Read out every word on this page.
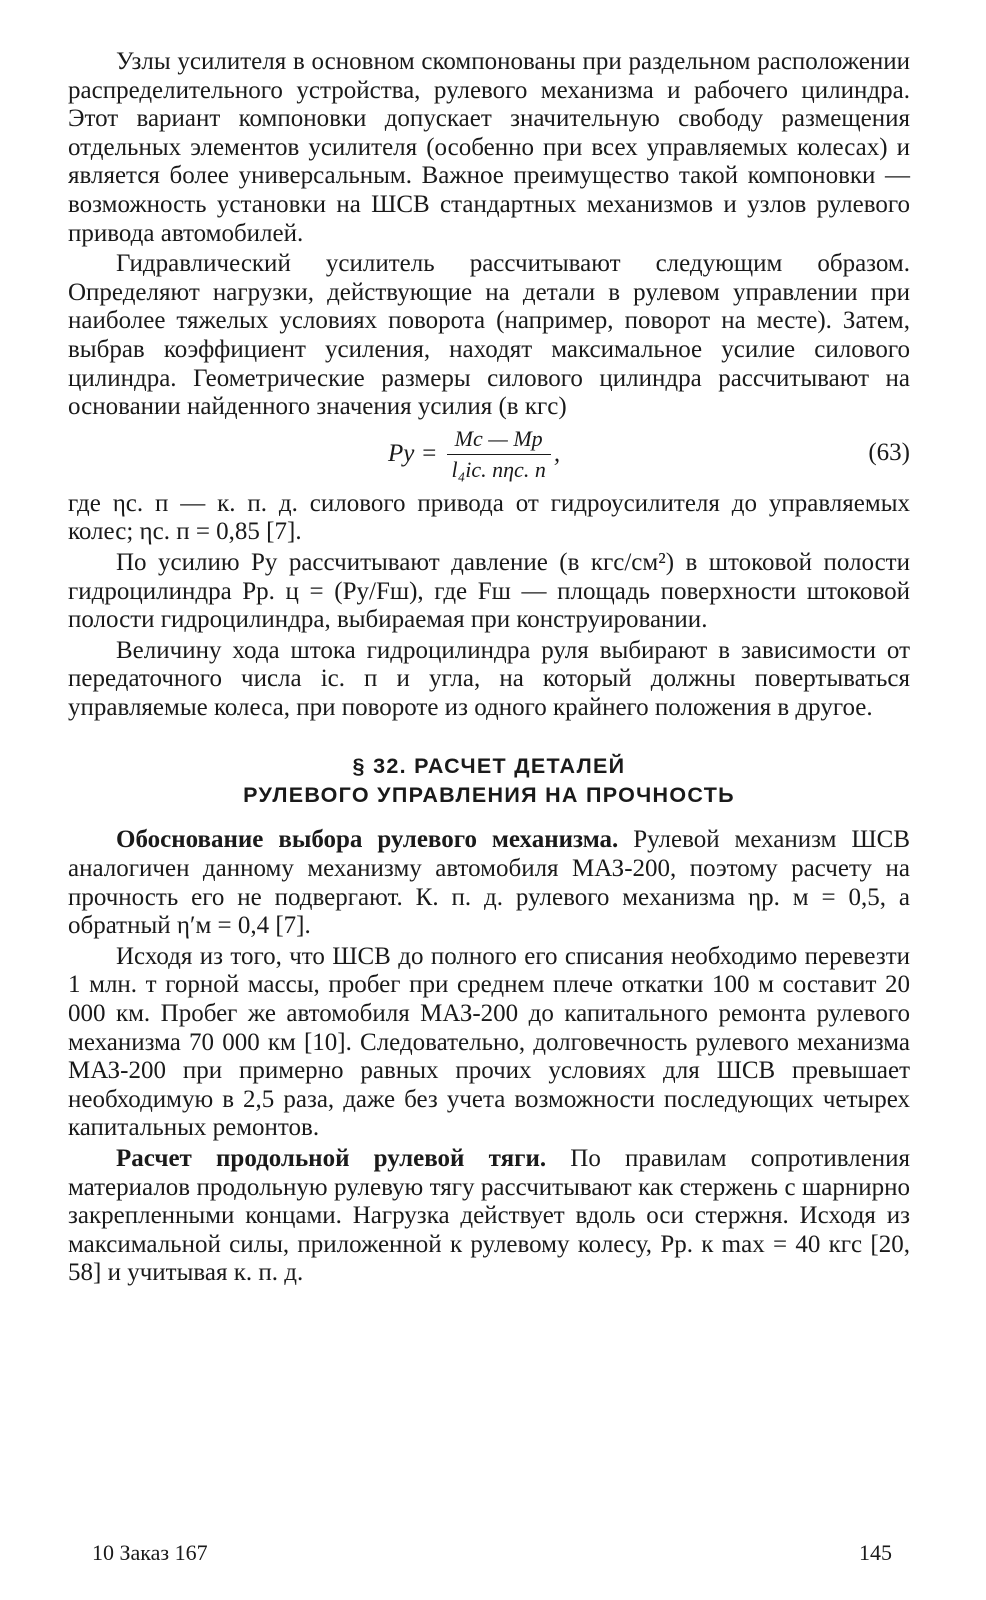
Узлы усилителя в основном скомпонованы при раздельном расположении распределительного устройства, рулевого механизма и рабочего цилиндра. Этот вариант компоновки допускает значительную свободу размещения отдельных элементов усилителя (особенно при всех управляемых колесах) и является более универсальным. Важное преимущество такой компоновки — возможность установки на ШСВ стандартных механизмов и узлов рулевого привода автомобилей.

Гидравлический усилитель рассчитывают следующим образом. Определяют нагрузки, действующие на детали в рулевом управлении при наиболее тяжелых условиях поворота (например, поворот на месте). Затем, выбрав коэффициент усиления, находят максимальное усилие силового цилиндра. Геометрические размеры силового цилиндра рассчитывают на основании найденного значения усилия (в кгс)

Pу = $\frac{Mс — Mр}{\text{l₄iс. пηс. п}}$ ,	(63)

где ηс. п — к. п. д. силового привода от гидроусилителя до управляемых колес; ηс. п = 0,85 [7].

По усилию Pу рассчитывают давление (в кгс/см²) в штоковой полости гидроцилиндра Pр. ц = (Pу/Fш), где Fш — площадь поверхности штоковой полости гидроцилиндра, выбираемая при конструировании.

Величину хода штока гидроцилиндра руля выбирают в зависимости от передаточного числа iс. п и угла, на который должны повертываться управляемые колеса, при повороте из одного крайнего положения в другое.

§ 32. РАСЧЕТ ДЕТАЛЕЙ
РУЛЕВОГО УПРАВЛЕНИЯ НА ПРОЧНОСТЬ

Обоснование выбора рулевого механизма. Рулевой механизм ШСВ аналогичен данному механизму автомобиля МАЗ-200, поэтому расчету на прочность его не подвергают. К. п. д. рулевого механизма ηр. м = 0,5, а обратный η′м = 0,4 [7].

Исходя из того, что ШСВ до полного его списания необходимо перевезти 1 млн. т горной массы, пробег при среднем плече откатки 100 м составит 20 000 км. Пробег же автомобиля МАЗ-200 до капитального ремонта рулевого механизма 70 000 км [10]. Следовательно, долговечность рулевого механизма МАЗ-200 при примерно равных прочих условиях для ШСВ превышает необходимую в 2,5 раза, даже без учета возможности последующих четырех капитальных ремонтов.

Расчет продольной рулевой тяги. По правилам сопротивления материалов продольную рулевую тягу рассчитывают как стержень с шарнирно закрепленными концами. Нагрузка действует вдоль оси стержня. Исходя из максимальной силы, приложенной к рулевому колесу, Pр. к max = 40 кгс [20, 58] и учитывая к. п. д.

10 Заказ 167	145
